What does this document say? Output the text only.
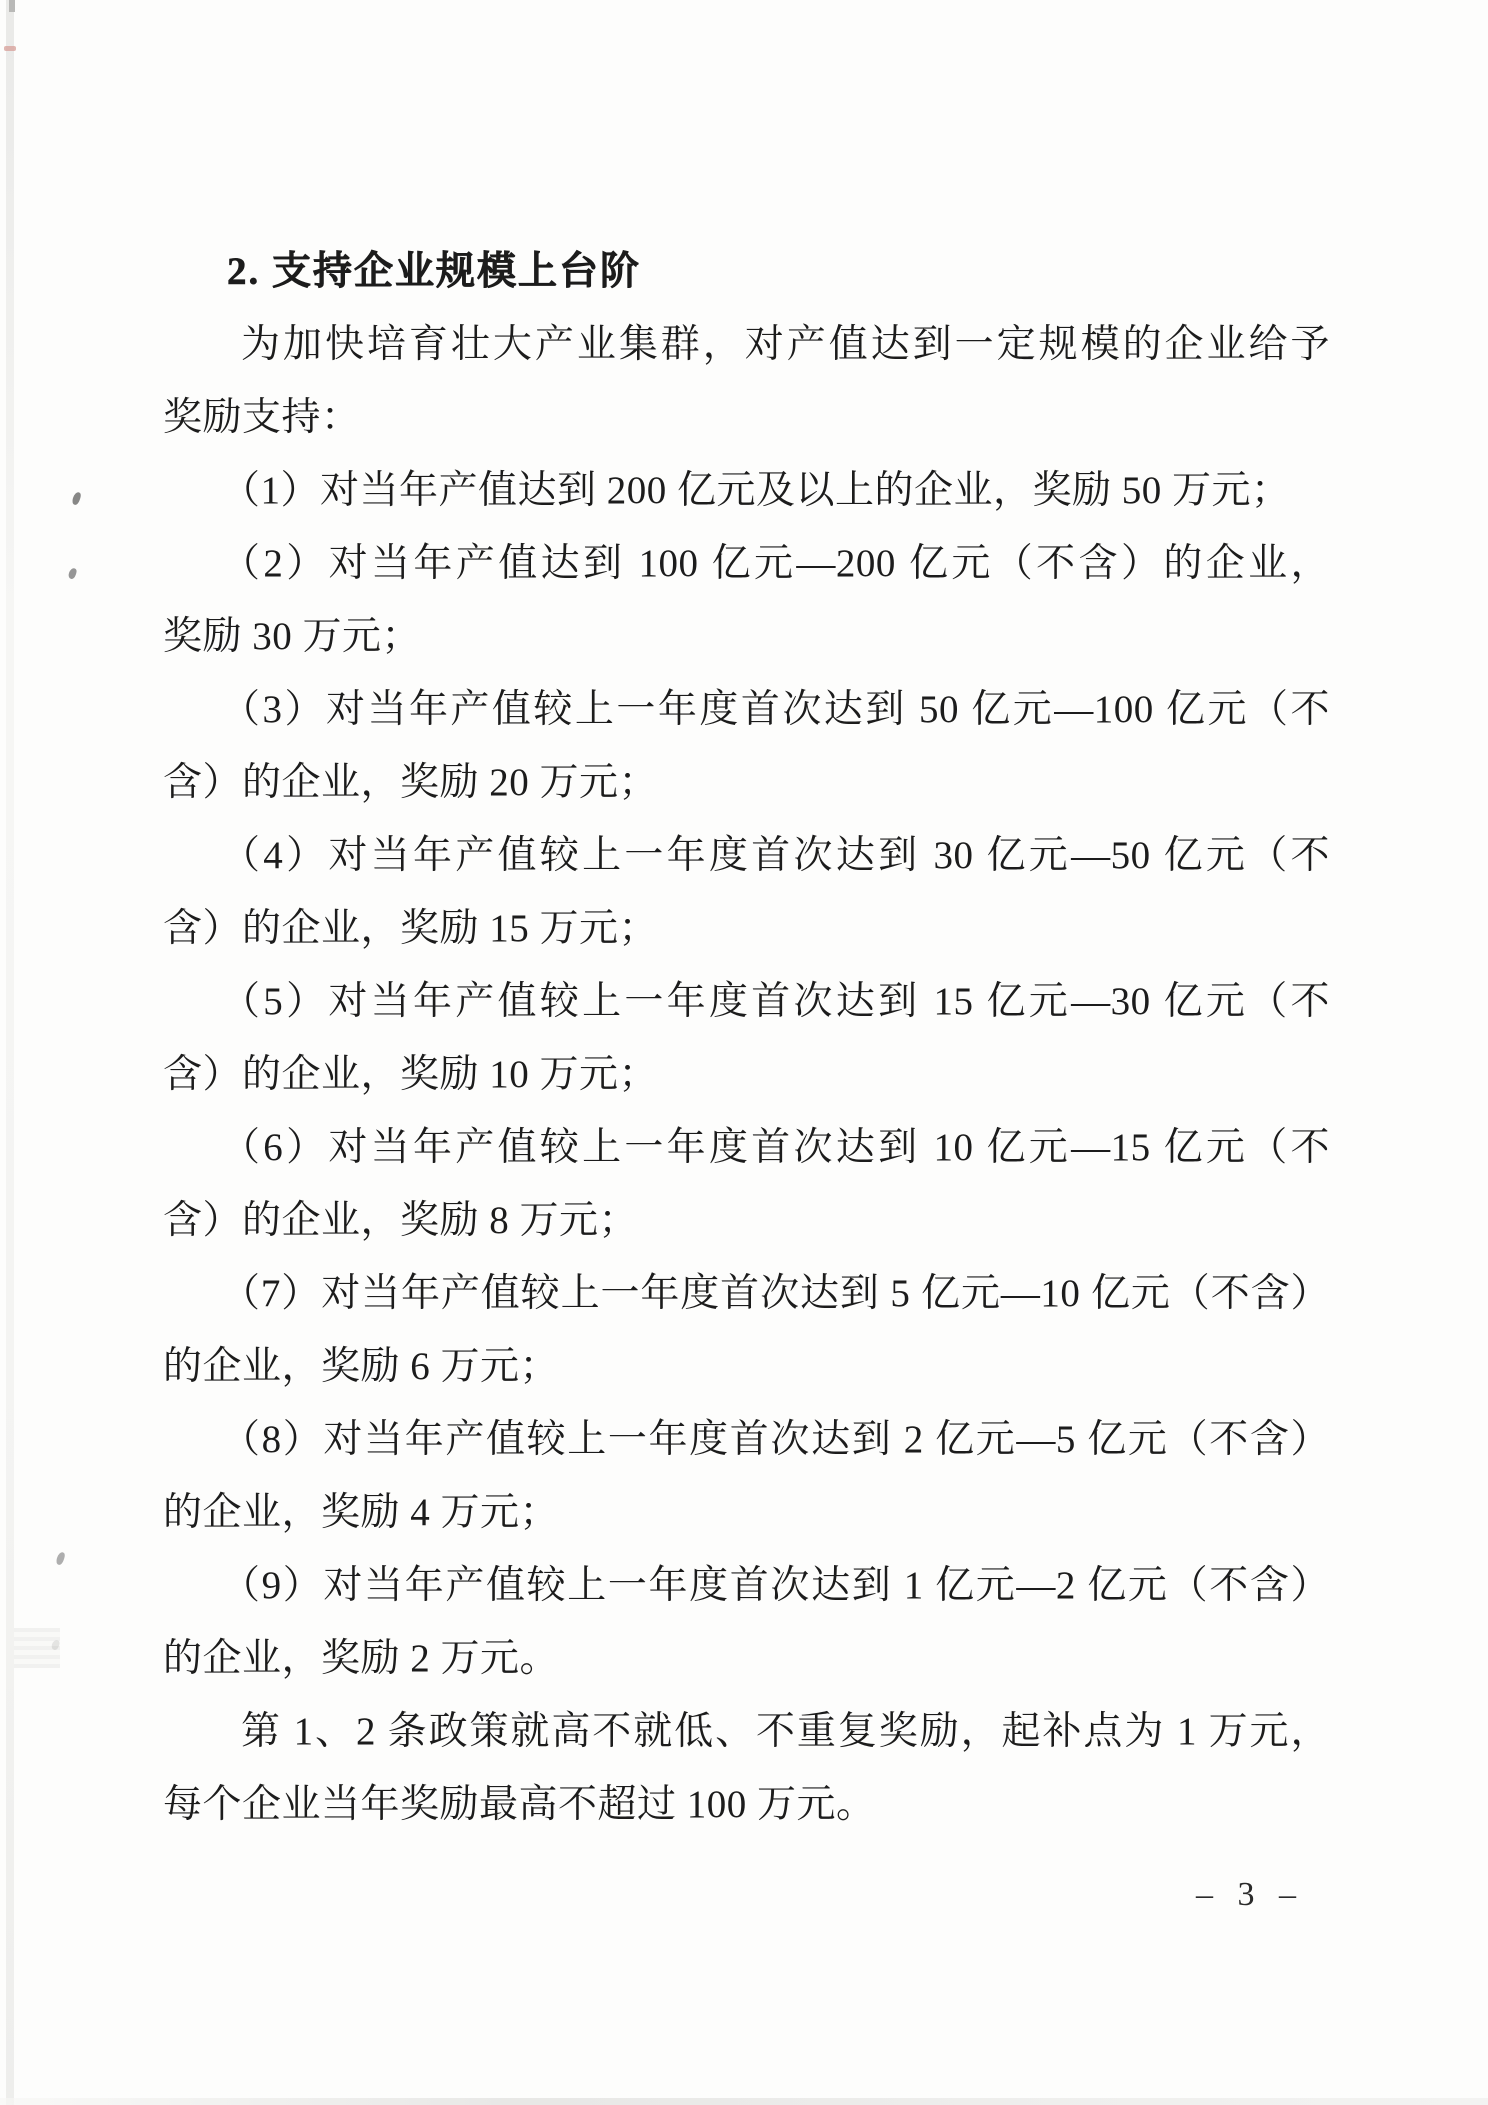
2. 支持企业规模上台阶
为加快培育壮大产业集群，对产值达到一定规模的企业给予
奖励支持：
（1）对当年产值达到 200 亿元及以上的企业，奖励 50 万元；
（2）对当年产值达到 100 亿元—200 亿元（不含）的企业，
奖励 30 万元；
（3）对当年产值较上一年度首次达到 50 亿元—100 亿元（不
含）的企业，奖励 20 万元；
（4）对当年产值较上一年度首次达到 30 亿元—50 亿元（不
含）的企业，奖励 15 万元；
（5）对当年产值较上一年度首次达到 15 亿元—30 亿元（不
含）的企业，奖励 10 万元；
（6）对当年产值较上一年度首次达到 10 亿元—15 亿元（不
含）的企业，奖励 8 万元；
（7）对当年产值较上一年度首次达到 5 亿元—10 亿元（不含）
的企业，奖励 6 万元；
（8）对当年产值较上一年度首次达到 2 亿元—5 亿元（不含）
的企业，奖励 4 万元；
（9）对当年产值较上一年度首次达到 1 亿元—2 亿元（不含）
的企业，奖励 2 万元。
第 1、2 条政策就高不就低、不重复奖励，起补点为 1 万元，
每个企业当年奖励最高不超过 100 万元。
– 3 –
